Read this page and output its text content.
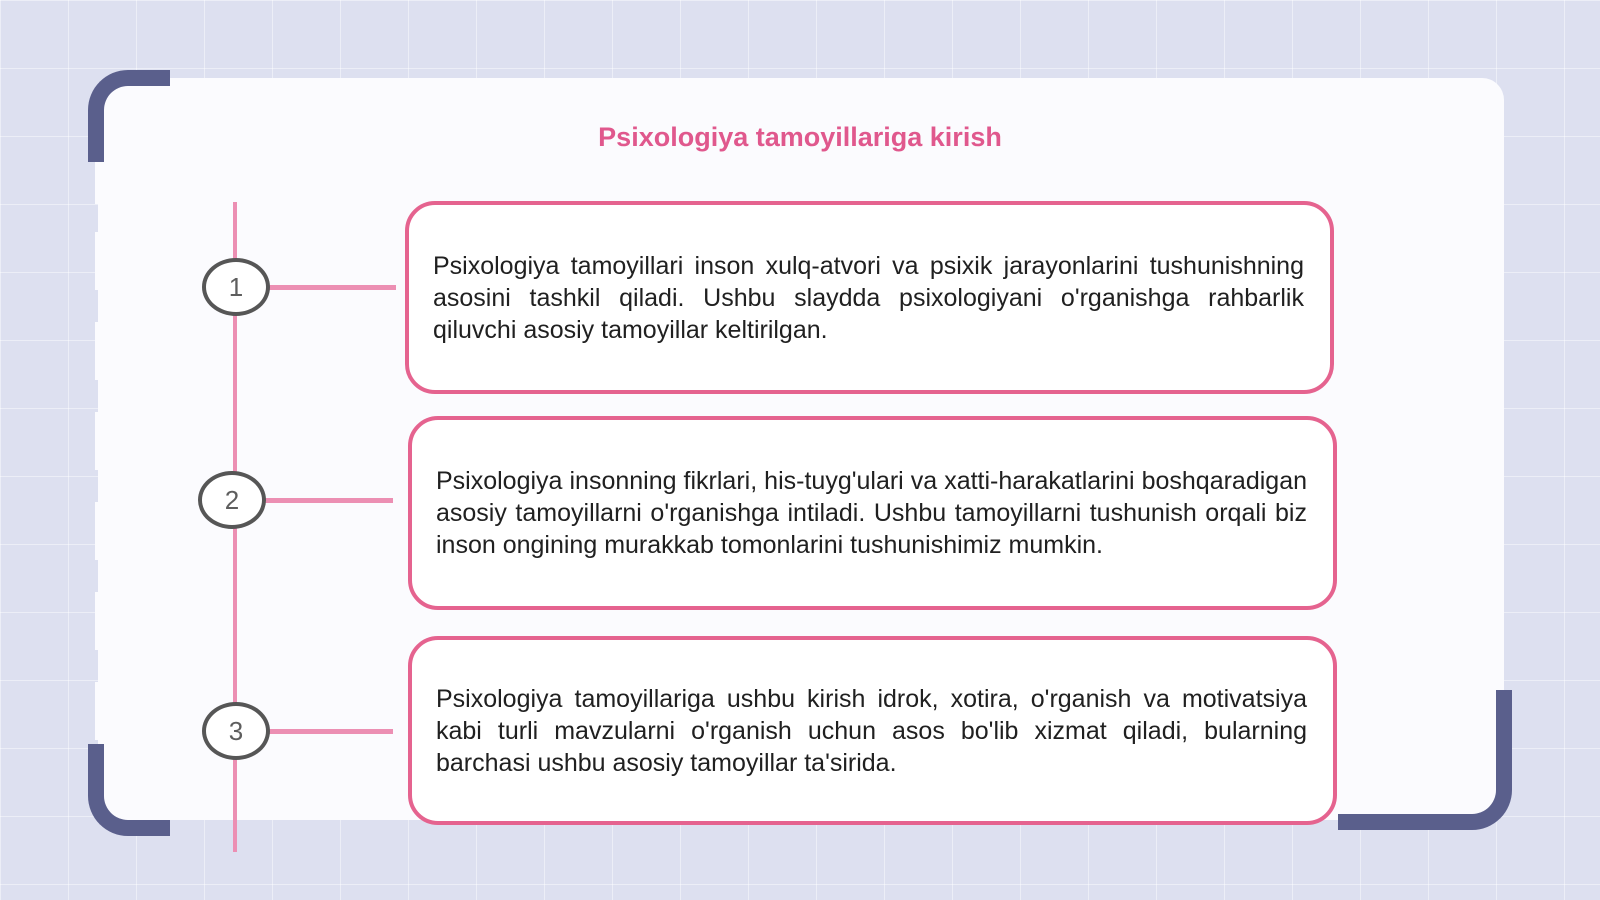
Psixologiya tamoyillariga kirish
1

Psixologiya tamoyillari inson xulq-atvori va psixik jarayonlarini tushunishning asosini tashkil qiladi. Ushbu slaydda psixologiyani o'rganishga rahbarlik qiluvchi asosiy tamoyillar keltirilgan.

2

Psixologiya insonning fikrlari, his-tuyg'ulari va xatti-harakatlarini boshqaradigan asosiy tamoyillarni o'rganishga intiladi. Ushbu tamoyillarni tushunish orqali biz inson ongining murakkab tomonlarini tushunishimiz mumkin.

3

Psixologiya tamoyillariga ushbu kirish idrok, xotira, o'rganish va motivatsiya kabi turli mavzularni o'rganish uchun asos bo'lib xizmat qiladi, bularning barchasi ushbu asosiy tamoyillar ta'sirida.
